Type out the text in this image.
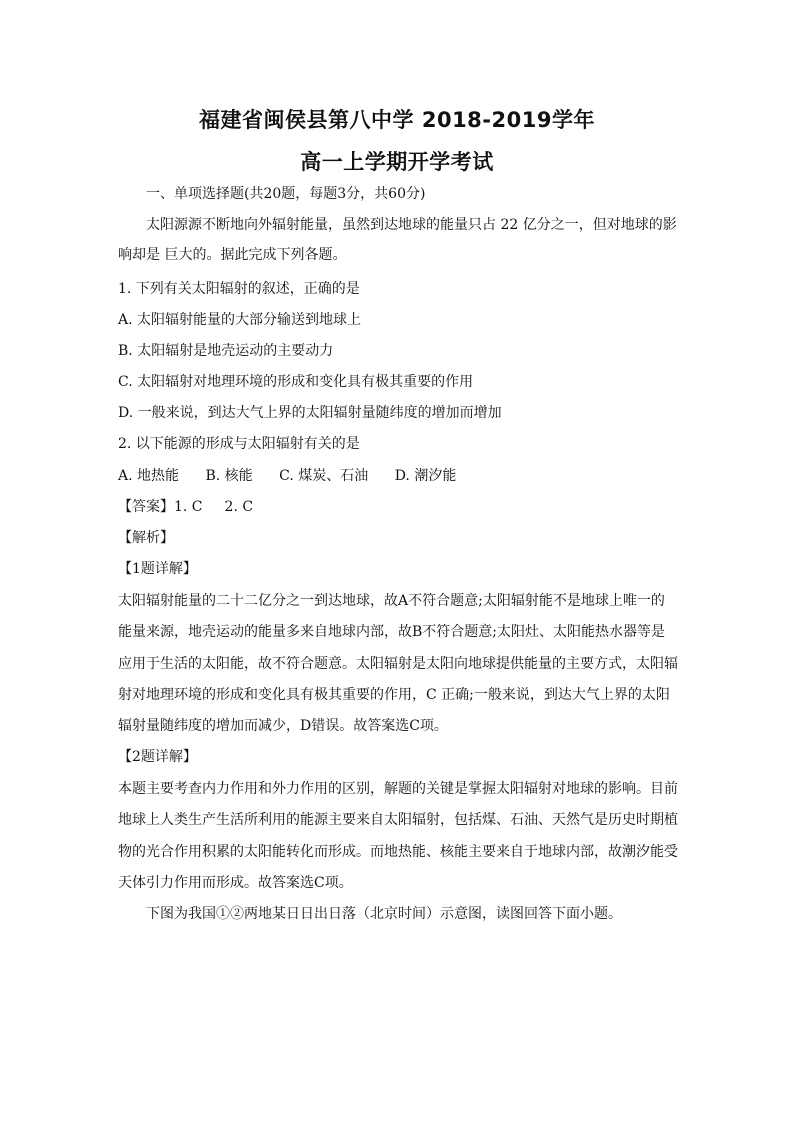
福建省闽侯县第八中学 2018-2019学年
高一上学期开学考试
一、单项选择题(共20题，每题3分，共60分)
太阳源源不断地向外辐射能量，虽然到达地球的能量只占 22 亿分之一，但对地球的影
响却是 巨大的。据此完成下列各题。
1. 下列有关太阳辐射的叙述，正确的是
A. 太阳辐射能量的大部分输送到地球上
B. 太阳辐射是地壳运动的主要动力
C. 太阳辐射对地理环境的形成和变化具有极其重要的作用
D. 一般来说，到达大气上界的太阳辐射量随纬度的增加而增加
2. 以下能源的形成与太阳辐射有关的是
A. 地热能 B. 核能 C. 煤炭、石油 D. 潮汐能
【答案】1. C 2. C
【解析】
【1题详解】
太阳辐射能量的二十二亿分之一到达地球，故A不符合题意;太阳辐射能不是地球上唯一的
能量来源，地壳运动的能量多来自地球内部，故B不符合题意;太阳灶、太阳能热水器等是
应用于生活的太阳能，故不符合题意。太阳辐射是太阳向地球提供能量的主要方式，太阳辐
射对地理环境的形成和变化具有极其重要的作用，C 正确;一般来说，到达大气上界的太阳
辐射量随纬度的增加而减少，D错误。故答案选C项。
【2题详解】
本题主要考查内力作用和外力作用的区别，解题的关键是掌握太阳辐射对地球的影响。目前
地球上人类生产生活所利用的能源主要来自太阳辐射，包括煤、石油、天然气是历史时期植
物的光合作用积累的太阳能转化而形成。而地热能、核能主要来自于地球内部，故潮汐能受
天体引力作用而形成。故答案选C项。
下图为我国①②两地某日日出日落（北京时间）示意图，读图回答下面小题。
